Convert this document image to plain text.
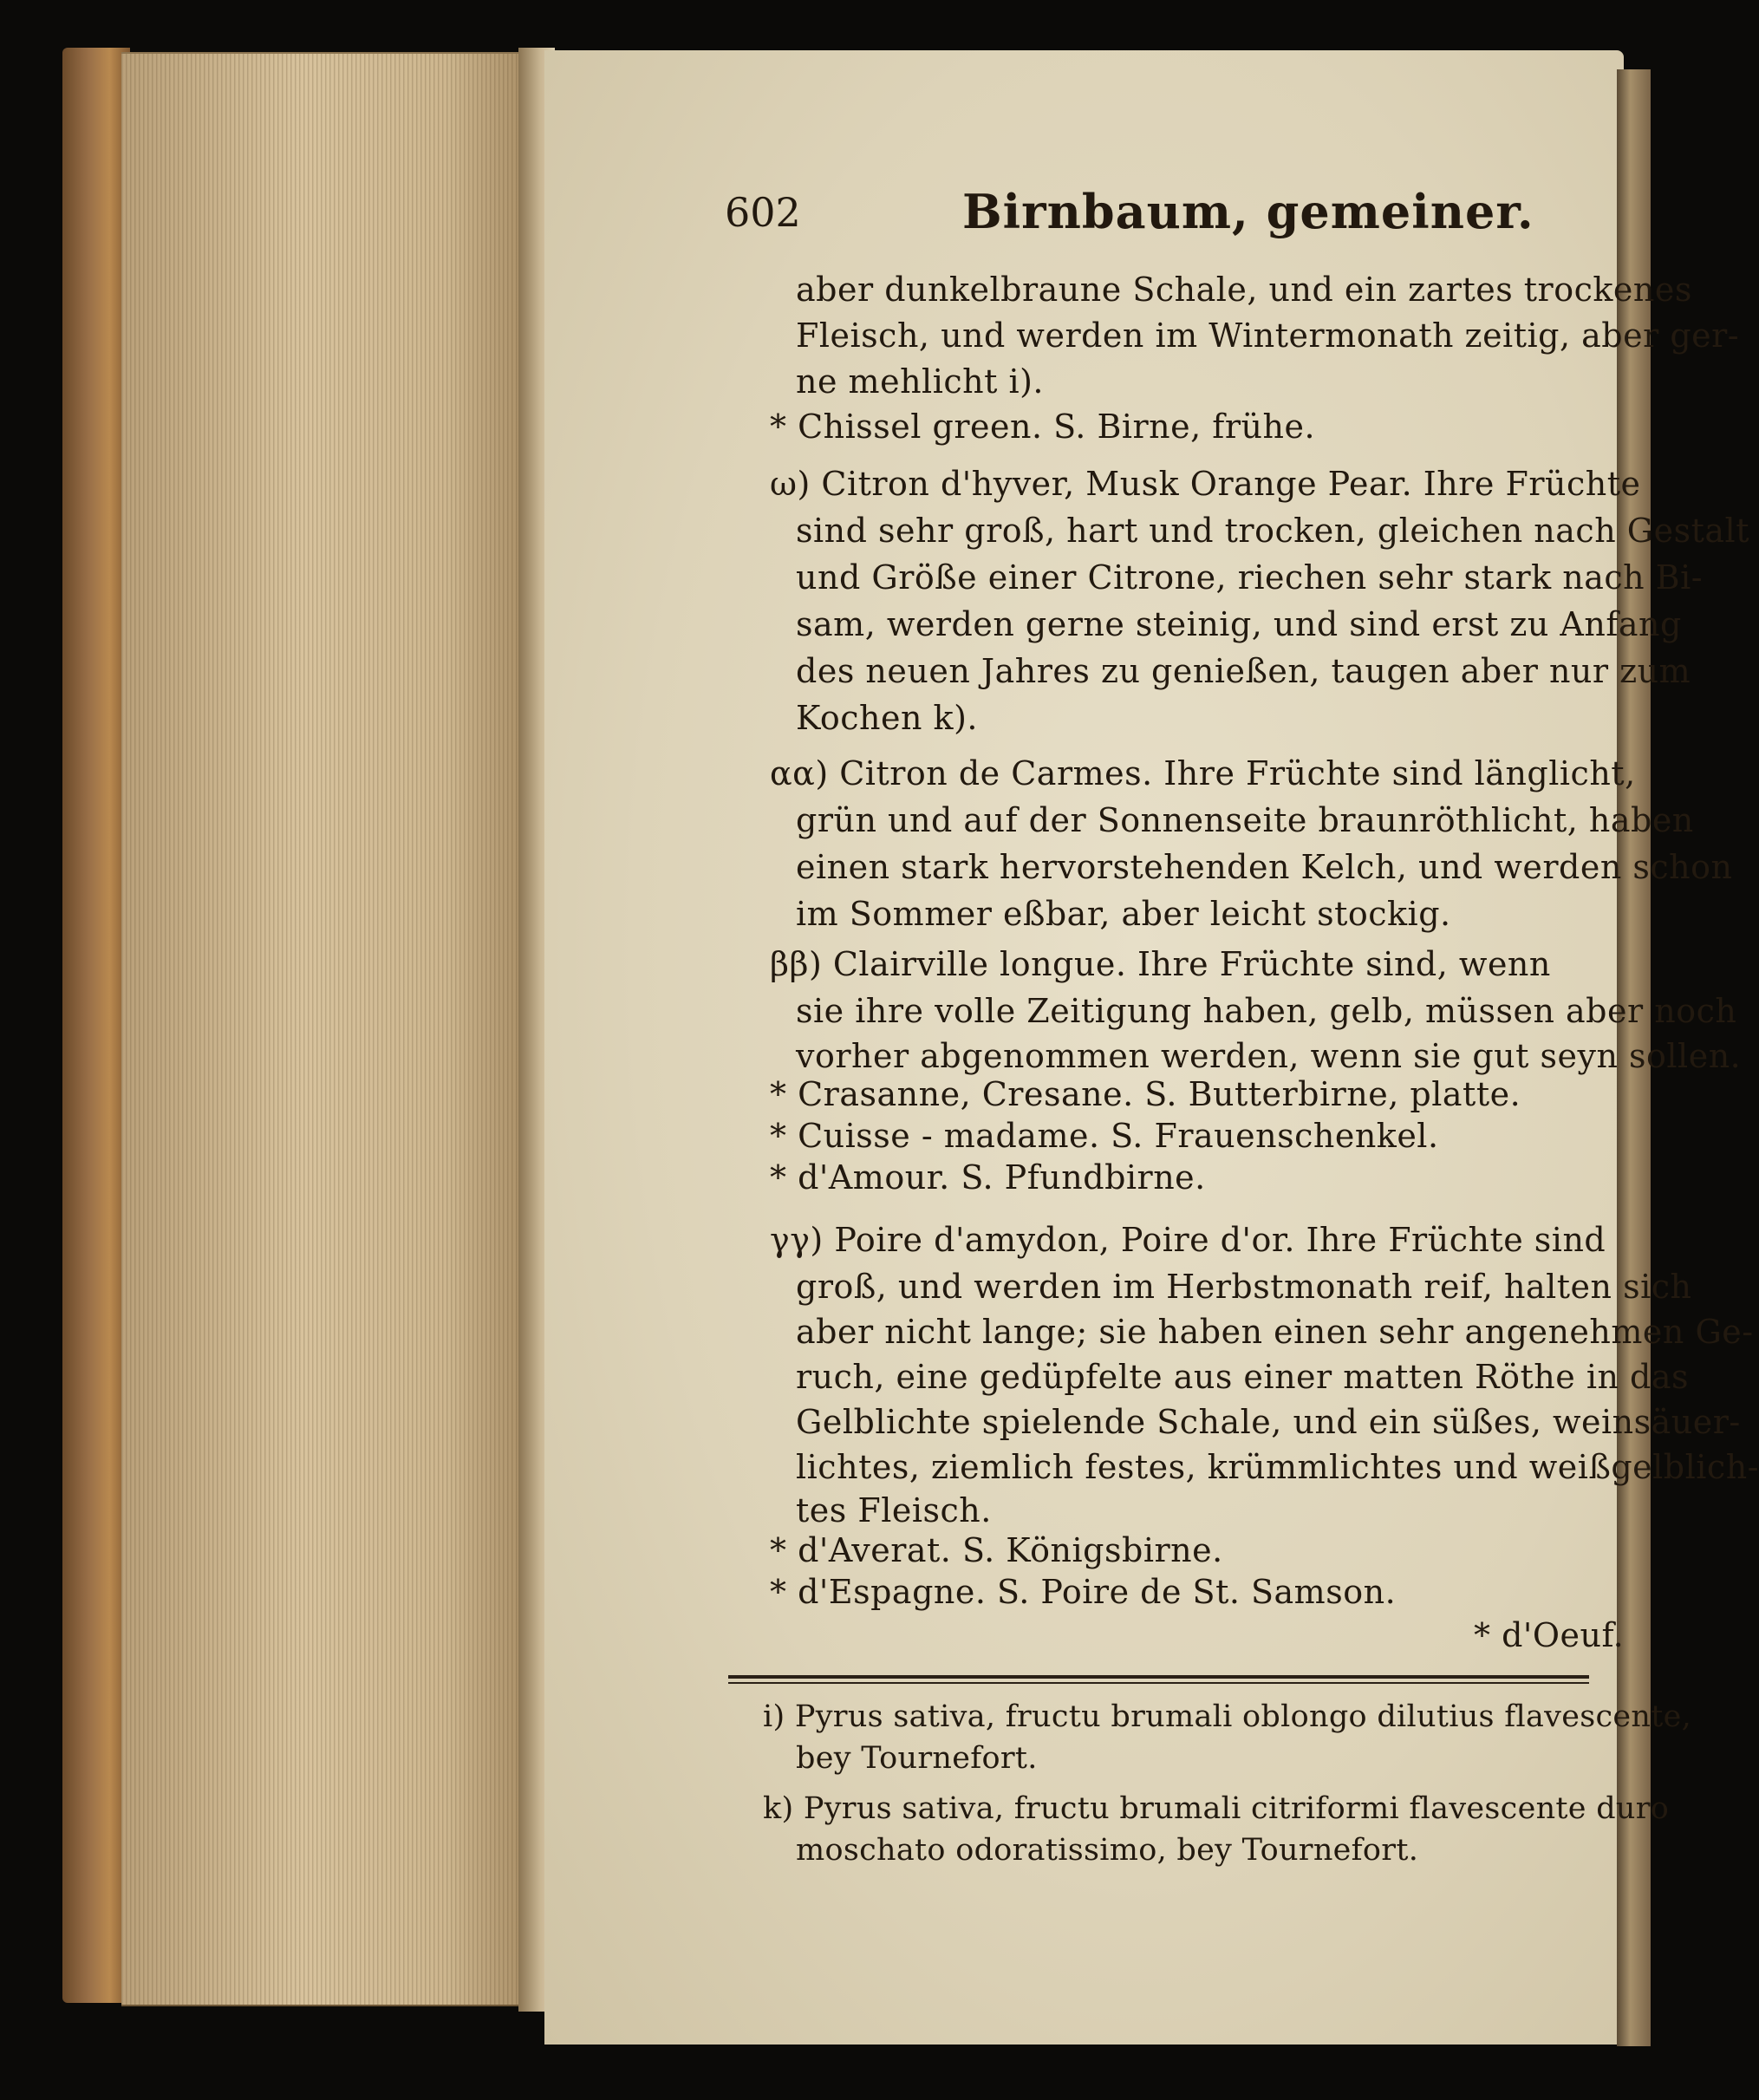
602	Birnbaum, gemeiner.
aber dunkelbraune Schale, und ein zartes trockenes
Fleisch, und werden im Wintermonath zeitig, aber ger-
ne mehlicht i).
* Chissel green. S. Birne, frühe.
ω) Citron d'hyver, Musk Orange Pear. Ihre Früchte
sind sehr groß, hart und trocken, gleichen nach Gestalt
und Größe einer Citrone, riechen sehr stark nach Bi-
sam, werden gerne steinig, und sind erst zu Anfang
des neuen Jahres zu genießen, taugen aber nur zum
Kochen k).
αα) Citron de Carmes. Ihre Früchte sind länglicht,
grün und auf der Sonnenseite braunröthlicht, haben
einen stark hervorstehenden Kelch, und werden schon
im Sommer eßbar, aber leicht stockig.
ββ) Clairville longue. Ihre Früchte sind, wenn
sie ihre volle Zeitigung haben, gelb, müssen aber noch
vorher abgenommen werden, wenn sie gut seyn sollen.
* Crasanne, Cresane. S. Butterbirne, platte.
* Cuisse - madame. S. Frauenschenkel.
* d'Amour. S. Pfundbirne.
γγ) Poire d'amydon, Poire d'or. Ihre Früchte sind
groß, und werden im Herbstmonath reif, halten sich
aber nicht lange; sie haben einen sehr angenehmen Ge-
ruch, eine gedüpfelte aus einer matten Röthe in das
Gelblichte spielende Schale, und ein süßes, weinsäuer-
lichtes, ziemlich festes, krümmlichtes und weißgelblich-
tes Fleisch.
* d'Averat. S. Königsbirne.
* d'Espagne. S. Poire de St. Samson.
* d'Oeuf.
i) Pyrus sativa, fructu brumali oblongo dilutius flavescente,
bey Tournefort.
k) Pyrus sativa, fructu brumali citriformi flavescente duro
moschato odoratissimo, bey Tournefort.
